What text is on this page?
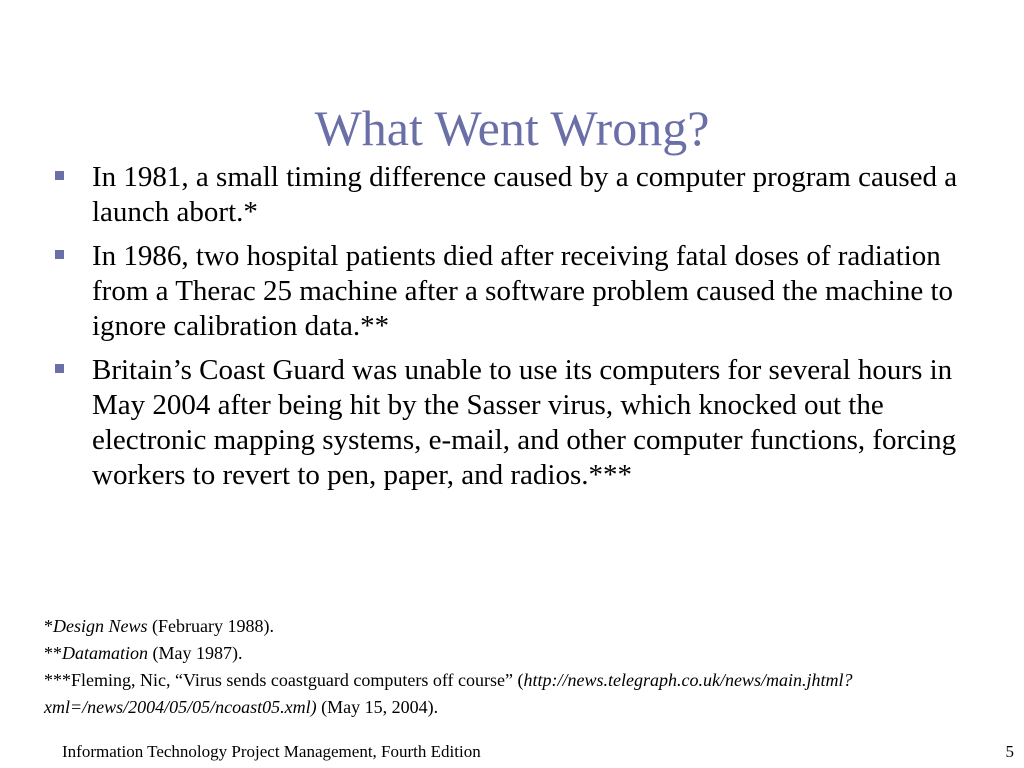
What Went Wrong?
In 1981, a small timing difference caused by a computer program caused a launch abort.*
In 1986, two hospital patients died after receiving fatal doses of radiation from a Therac 25 machine after a software problem caused the machine to ignore calibration data.**
Britain’s Coast Guard was unable to use its computers for several hours in May 2004 after being hit by the Sasser virus, which knocked out the electronic mapping systems, e-mail, and other computer functions, forcing workers to revert to pen, paper, and radios.***

*Design News (February 1988).

**Datamation (May 1987).

***Fleming, Nic, “Virus sends coastguard computers off course” (http://news.telegraph.co.uk/news/main.jhtml?xml=/news/2004/05/05/ncoast05.xml) (May 15, 2004).

Information Technology Project Management, Fourth Edition	5
